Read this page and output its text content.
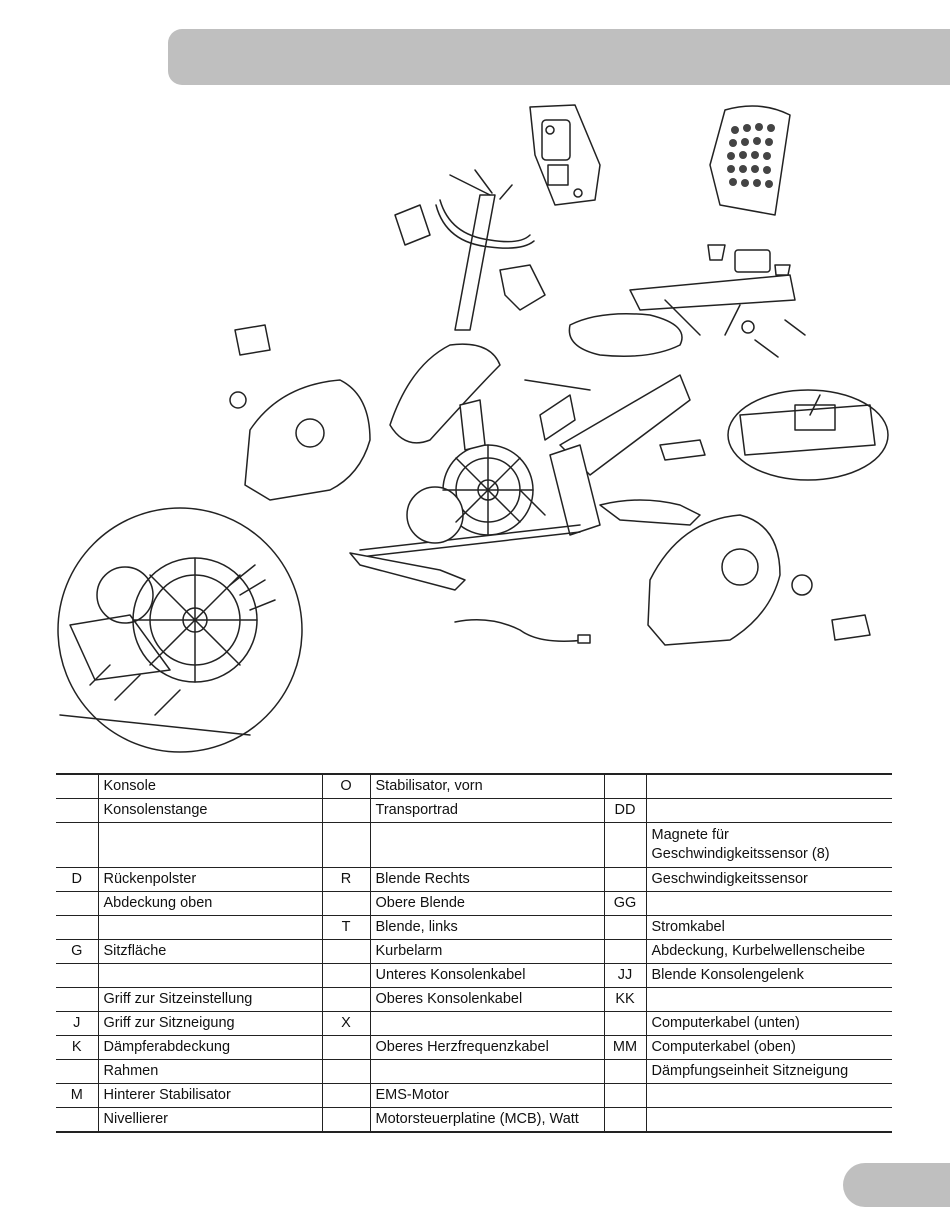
	Konsole	O	Stabilisator, vorn		
	Konsolenstange		Transportrad	DD	
					Magnete für Geschwindigkeitssensor (8)
D	Rückenpolster	R	Blende Rechts		Geschwindigkeitssensor
	Abdeckung oben		Obere Blende	GG	
		T	Blende, links		Stromkabel
G	Sitzfläche		Kurbelarm		Abdeckung, Kurbelwellenscheibe
			Unteres Konsolenkabel	JJ	Blende Konsolengelenk
	Griff zur Sitzeinstellung		Oberes Konsolenkabel	KK	
J	Griff zur Sitzneigung	X			Computerkabel (unten)
K	Dämpferabdeckung		Oberes Herzfrequenzkabel	MM	Computerkabel (oben)
	Rahmen				Dämpfungseinheit Sitzneigung
M	Hinterer Stabilisator		EMS-Motor		
	Nivellierer		Motorsteuerplatine (MCB), Watt		
